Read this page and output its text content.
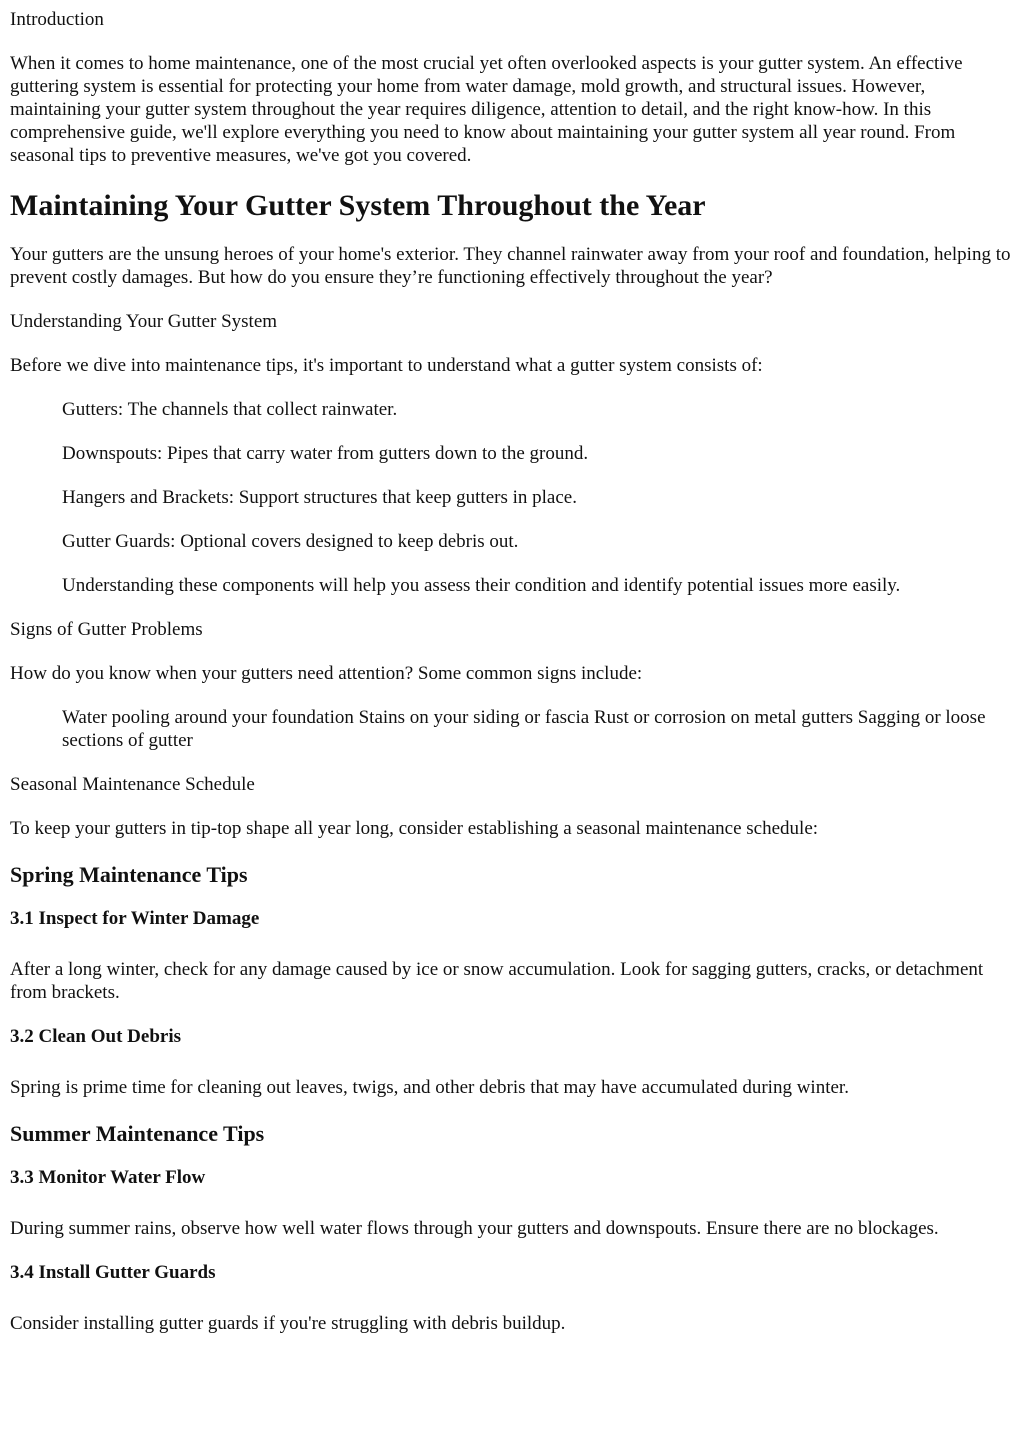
Introduction

When it comes to home maintenance, one of the most crucial yet often overlooked aspects is your gutter system. An effective guttering system is essential for protecting your home from water damage, mold growth, and structural issues. However, maintaining your gutter system throughout the year requires diligence, attention to detail, and the right know-how. In this comprehensive guide, we'll explore everything you need to know about maintaining your gutter system all year round. From seasonal tips to preventive measures, we've got you covered.

Maintaining Your Gutter System Throughout the Year

Your gutters are the unsung heroes of your home's exterior. They channel rainwater away from your roof and foundation, helping to prevent costly damages. But how do you ensure they’re functioning effectively throughout the year?

Understanding Your Gutter System

Before we dive into maintenance tips, it's important to understand what a gutter system consists of:

Gutters: The channels that collect rainwater.

Downspouts: Pipes that carry water from gutters down to the ground.

Hangers and Brackets: Support structures that keep gutters in place.

Gutter Guards: Optional covers designed to keep debris out.

Understanding these components will help you assess their condition and identify potential issues more easily.

Signs of Gutter Problems

How do you know when your gutters need attention? Some common signs include:

Water pooling around your foundation Stains on your siding or fascia Rust or corrosion on metal gutters Sagging or loose sections of gutter

Seasonal Maintenance Schedule

To keep your gutters in tip-top shape all year long, consider establishing a seasonal maintenance schedule:

Spring Maintenance Tips
3.1 Inspect for Winter Damage

After a long winter, check for any damage caused by ice or snow accumulation. Look for sagging gutters, cracks, or detachment from brackets.

3.2 Clean Out Debris

Spring is prime time for cleaning out leaves, twigs, and other debris that may have accumulated during winter.

Summer Maintenance Tips
3.3 Monitor Water Flow

During summer rains, observe how well water flows through your gutters and downspouts. Ensure there are no blockages.

3.4 Install Gutter Guards

Consider installing gutter guards if you're struggling with debris buildup.
